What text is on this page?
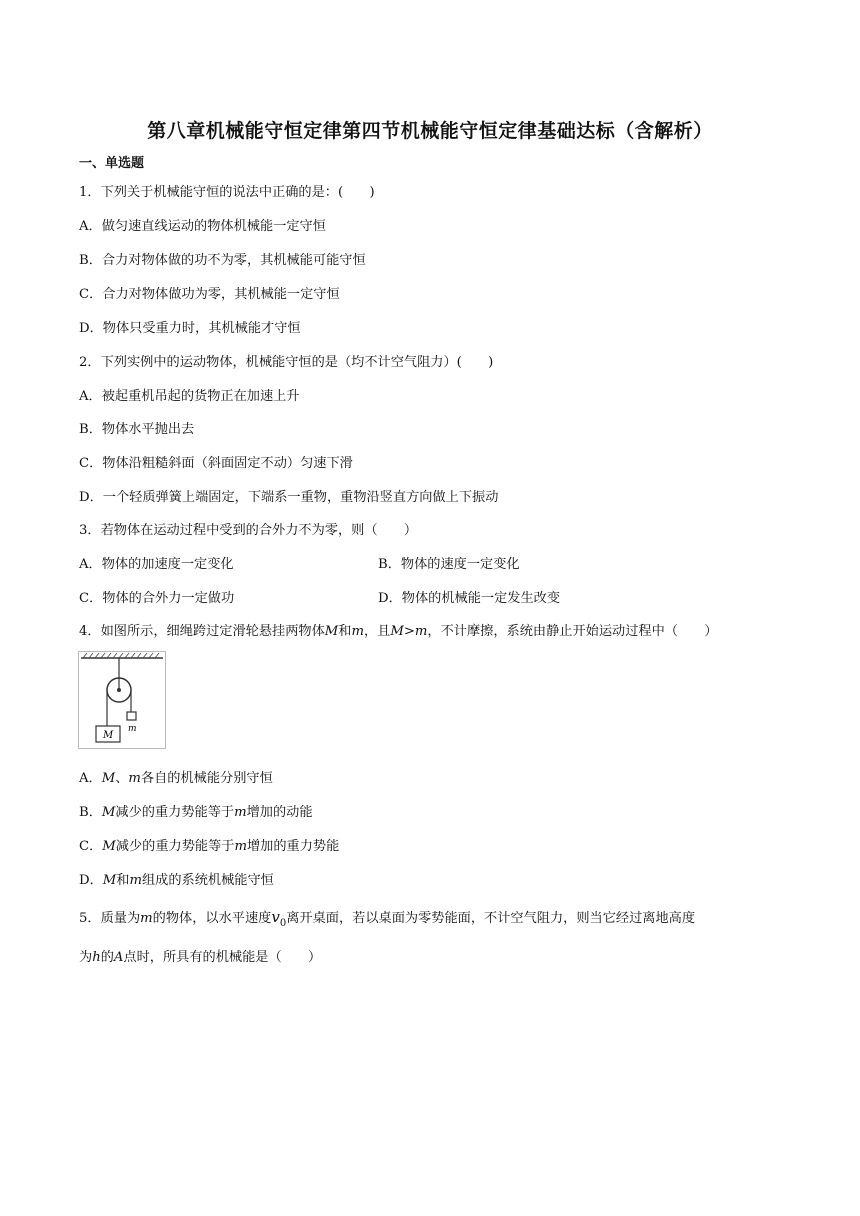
第八章机械能守恒定律第四节机械能守恒定律基础达标（含解析）
一、单选题
1．下列关于机械能守恒的说法中正确的是：(　　)
A．做匀速直线运动的物体机械能一定守恒
B．合力对物体做的功不为零，其机械能可能守恒
C．合力对物体做功为零，其机械能一定守恒
D．物体只受重力时，其机械能才守恒
2．下列实例中的运动物体，机械能守恒的是（均不计空气阻力）(　　)
A．被起重机吊起的货物正在加速上升
B．物体水平抛出去
C．物体沿粗糙斜面（斜面固定不动）匀速下滑
D．一个轻质弹簧上端固定，下端系一重物，重物沿竖直方向做上下振动
3．若物体在运动过程中受到的合外力不为零，则（　　）
A．物体的加速度一定变化	B．物体的速度一定变化
C．物体的合外力一定做功	D．物体的机械能一定发生改变
4．如图所示，细绳跨过定滑轮悬挂两物体M和m，且M>m，不计摩擦，系统由静止开始运动过程中（　　）
m
M
A．M、m各自的机械能分别守恒
B．M减少的重力势能等于m增加的动能
C．M减少的重力势能等于m增加的重力势能
D．M和m组成的系统机械能守恒
5．质量为m的物体，以水平速度$v_0$离开桌面，若以桌面为零势能面，不计空气阻力，则当它经过离地高度
为h的A点时，所具有的机械能是（　　）
